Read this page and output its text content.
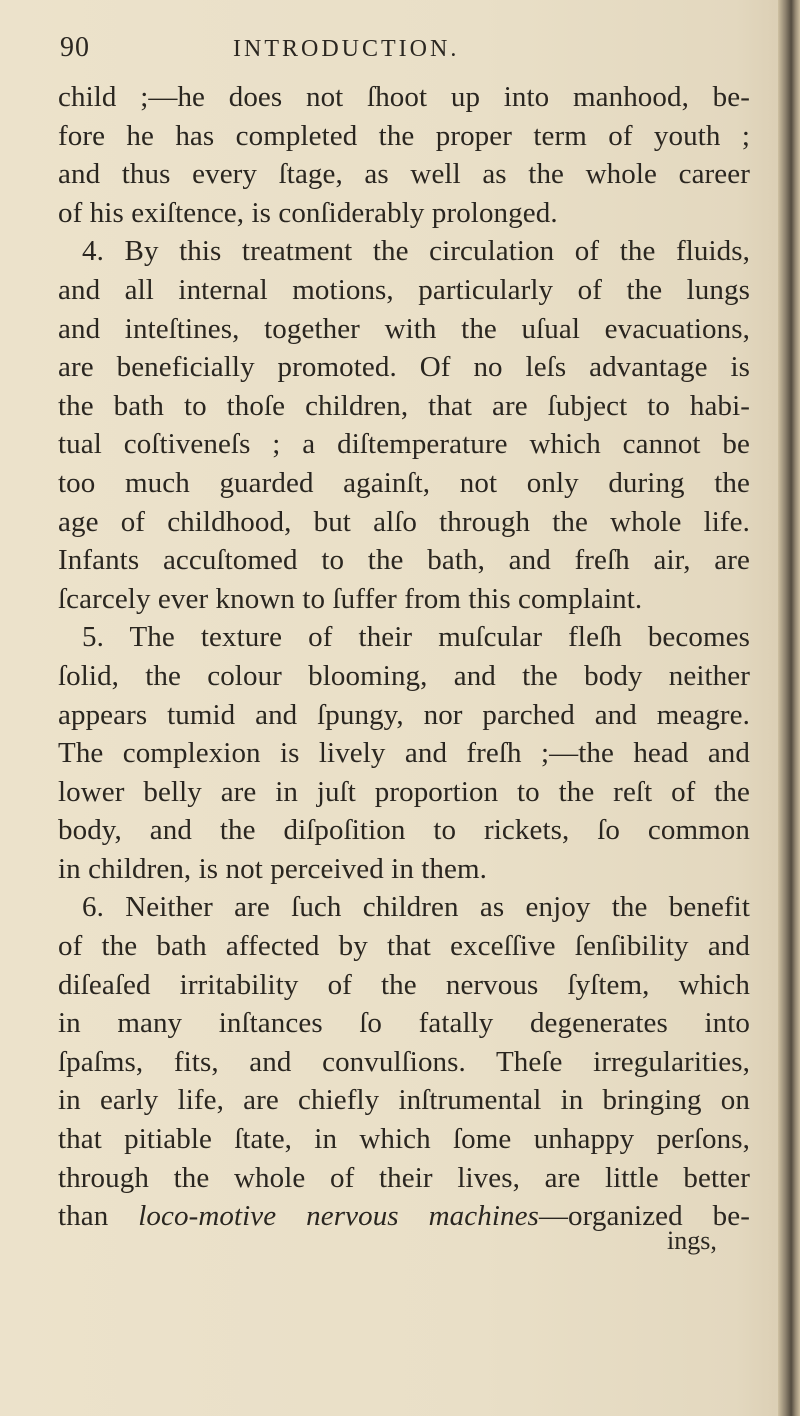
90	INTRODUCTION.
child ;—he does not ſhoot up into manhood, be-
fore he has completed the proper term of youth ;
and thus every ſtage, as well as the whole career
of his exiſtence, is conſiderably prolonged.
4. By this treatment the circulation of the fluids,
and all internal motions, particularly of the lungs
and inteſtines, together with the uſual evacuations,
are beneficially promoted. Of no leſs advantage is
the bath to thoſe children, that are ſubject to habi-
tual coſtiveneſs ; a diſtemperature which cannot be
too much guarded againſt, not only during the
age of childhood, but alſo through the whole life.
Infants accuſtomed to the bath, and freſh air, are
ſcarcely ever known to ſuffer from this complaint.
5. The texture of their muſcular fleſh becomes
ſolid, the colour blooming, and the body neither
appears tumid and ſpungy, nor parched and meagre.
The complexion is lively and freſh ;—the head and
lower belly are in juſt proportion to the reſt of the
body, and the diſpoſition to rickets, ſo common
in children, is not perceived in them.
6. Neither are ſuch children as enjoy the benefit
of the bath affected by that exceſſive ſenſibility and
diſeaſed irritability of the nervous ſyſtem, which
in many inſtances ſo fatally degenerates into
ſpaſms, fits, and convulſions. Theſe irregularities,
in early life, are chiefly inſtrumental in bringing on
that pitiable ſtate, in which ſome unhappy perſons,
through the whole of their lives, are little better
than loco-motive nervous machines—organized be-
ings,
